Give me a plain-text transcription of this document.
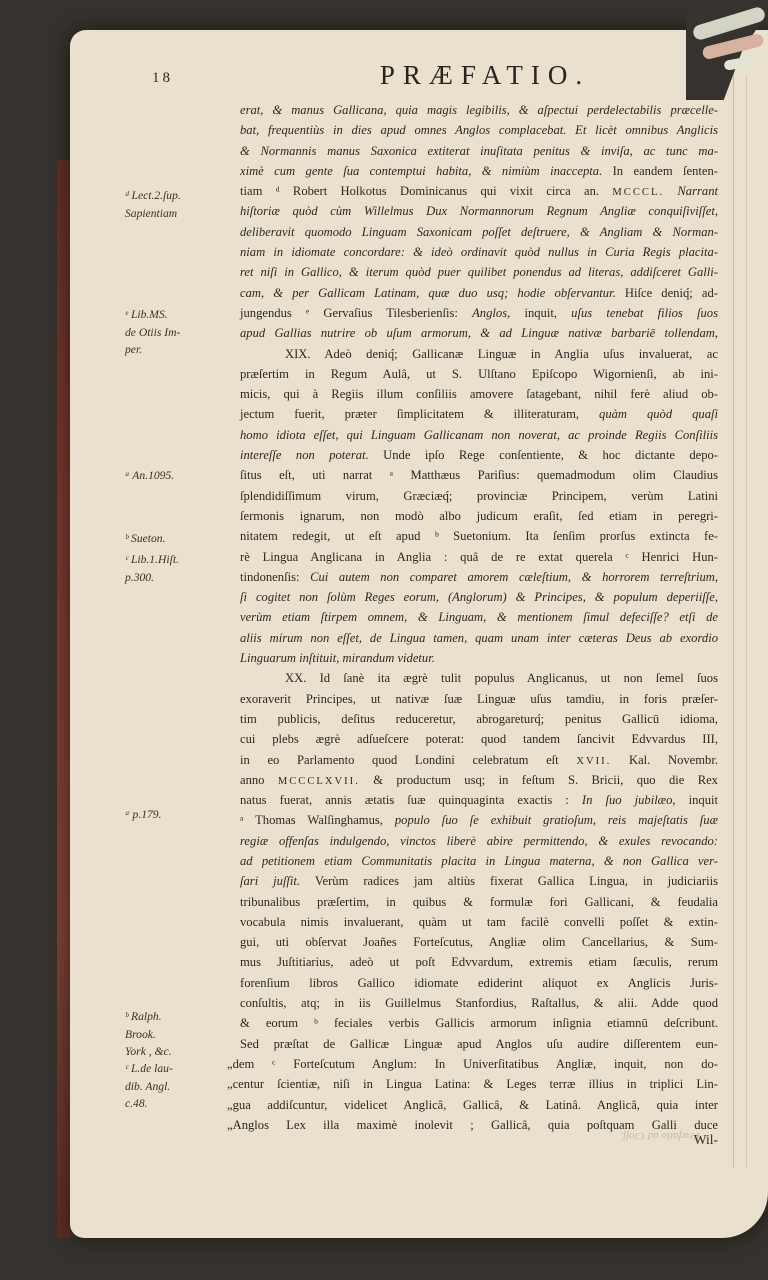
18	PRÆFATIO.
ᵈ Lect.2.ſup.
Sapientiam
ᵉ Lib.MS.
de Otiis Im-
per.
ᵃ An.1095.
ᵇ Sueton.
ᶜ Lib.1.Hiſt.
p.300.
ᵃ p.179.
ᵇ Ralph.
Brook.
York , &c.
ᶜ L.de lau-
dib. Angl.
c.48.
erat, & manus Gallicana, quia magis legibilis, & aſpectui perdelectabilis præcelle-
bat, frequentiùs in dies apud omnes Anglos complacebat. Et licèt omnibus Anglicis
& Normannis manus Saxonica extiterat inuſitata penitus & inviſa, ac tunc ma-
ximè cum gente ſua contemptui habita, & nimiùm inaccepta. In eandem ſenten-
tiam ᵈ Robert Holkotus Dominicanus qui vixit circa an. MCCCL. Narrant
hiſtoriæ quòd cùm Willelmus Dux Normannorum Regnum Angliæ conquiſiviſſet,
deliberavit quomodo Linguam Saxonicam poſſet deſtruere, & Angliam & Norman-
niam in idiomate concordare: & ideò ordinavit quòd nullus in Curia Regis placita-
ret niſi in Gallico, & iterum quòd puer quilibet ponendus ad literas, addiſceret Galli-
cam, & per Gallicam Latinam, quæ duo usq; hodie obſervantur. Hiſce deniq́; ad-
jungendus ᵉ Gervaſius Tilesberienſis: Anglos, inquit, uſus tenebat filios ſuos
apud Gallias nutrire ob uſum armorum, & ad Linguæ nativæ barbariē tollendam,
XIX. Adeò deniq́; Gallicanæ Linguæ in Anglia uſus invaluerat, ac
præſertim in Regum Aulâ, ut S. Ulſtano Epiſcopo Wigornienſi, ab ini-
micis, qui à Regiis illum conſiliis amovere ſatagebant, nihil ferè aliud ob-
jectum fuerit, præter ſimplicitatem & illiteraturam, quàm quòd quaſi
homo idiota eſſet, qui Linguam Gallicanam non noverat, ac proinde Regiis Conſiliis
intereſſe non poterat. Unde ipſo Rege conſentiente, & hoc dictante depo-
ſitus eſt, uti narrat ᵃ Matthæus Pariſius: quemadmodum olim Claudius
ſplendidiſſimum virum, Græciæq́; provinciæ Principem, verùm Latini
ſermonis ignarum, non modò albo judicum eraſit, ſed etiam in peregri-
nitatem redegit, ut eſt apud ᵇ Suetonium. Ita ſenſim prorſus extincta fe-
rè Lingua Anglicana in Anglia : quâ de re extat querela ᶜ Henrici Hun-
tindonenſis: Cui autem non comparet amorem cæleſtium, & horrorem terreſtrium,
ſi cogitet non ſolùm Reges eorum, (Anglorum) & Principes, & populum deperiiſſe,
verùm etiam ſtirpem omnem, & Linguam, & mentionem ſimul defeciſſe? etſi de
aliis mirum non eſſet, de Lingua tamen, quam unam inter cæteras Deus ab exordio
Linguarum inſtituit, mirandum videtur.
XX. Id ſanè ita ægrè tulit populus Anglicanus, ut non ſemel ſuos
exoraverit Principes, ut nativæ ſuæ Linguæ uſus tamdiu, in foris præſer-
tim publicis, deſitus reduceretur, abrogareturq́; penitus Gallicū idioma,
cui plebs ægrè adſueſcere poterat: quod tandem ſancivit Edvvardus III,
in eo Parlamento quod Londini celebratum eſt XVII. Kal. Novembr.
anno MCCCLXVII. & productum usq; in feſtum S. Bricii, quo die Rex
natus fuerat, annis ætatis ſuæ quinquaginta exactis : In ſuo jubilæo, inquit
ᵃ Thomas Walſinghamus, populo ſuo ſe exhibuit gratioſum, reis majeſtatis ſuæ
regiæ offenſas indulgendo, vinctos liberè abire permittendo, & exules revocando:
ad petitionem etiam Communitatis placita in Lingua materna, & non Gallica ver-
ſari juſſit. Verùm radices jam altiùs fixerat Gallica Lingua, in judiciariis
tribunalibus præſertim, in quibus & formulæ fori Gallicani, & feudalia
vocabula nimis invaluerant, quàm ut tam facilè convelli poſſet & extin-
gui, uti obſervat Joañes Forteſcutus, Angliæ olim Cancellarius, & Sum-
mus Juſtitiarius, adeò ut poſt Edvvardum, extremis etiam ſæculis, rerum
forenſium libros Gallico idiomate ediderint aliquot ex Anglicis Juris-
conſultis, atq; in iis Guillelmus Stanfordius, Raſtallus, & alii. Adde quod
& eorum ᵇ feciales verbis Gallicis armorum inſignia etiamnū deſcribunt.
Sed præſtat de Gallicæ Linguæ apud Anglos uſu audire diſſerentem eun-
„dem ᶜ Forteſcutum Anglum: In Univerſitatibus Angliæ, inquit, non do-
„centur ſcientiæ, niſi in Lingua Latina: & Leges terræ illius in triplici Lin-
„gua addiſcuntur, videlicet Anglicâ, Gallicâ, & Latinâ. Anglicâ, quia inter
„Anglos Lex illa maximè inolevit ; Gallicâ, quia poſtquam Galli duce
Wil-
Præfatio ad Cloſſ.
